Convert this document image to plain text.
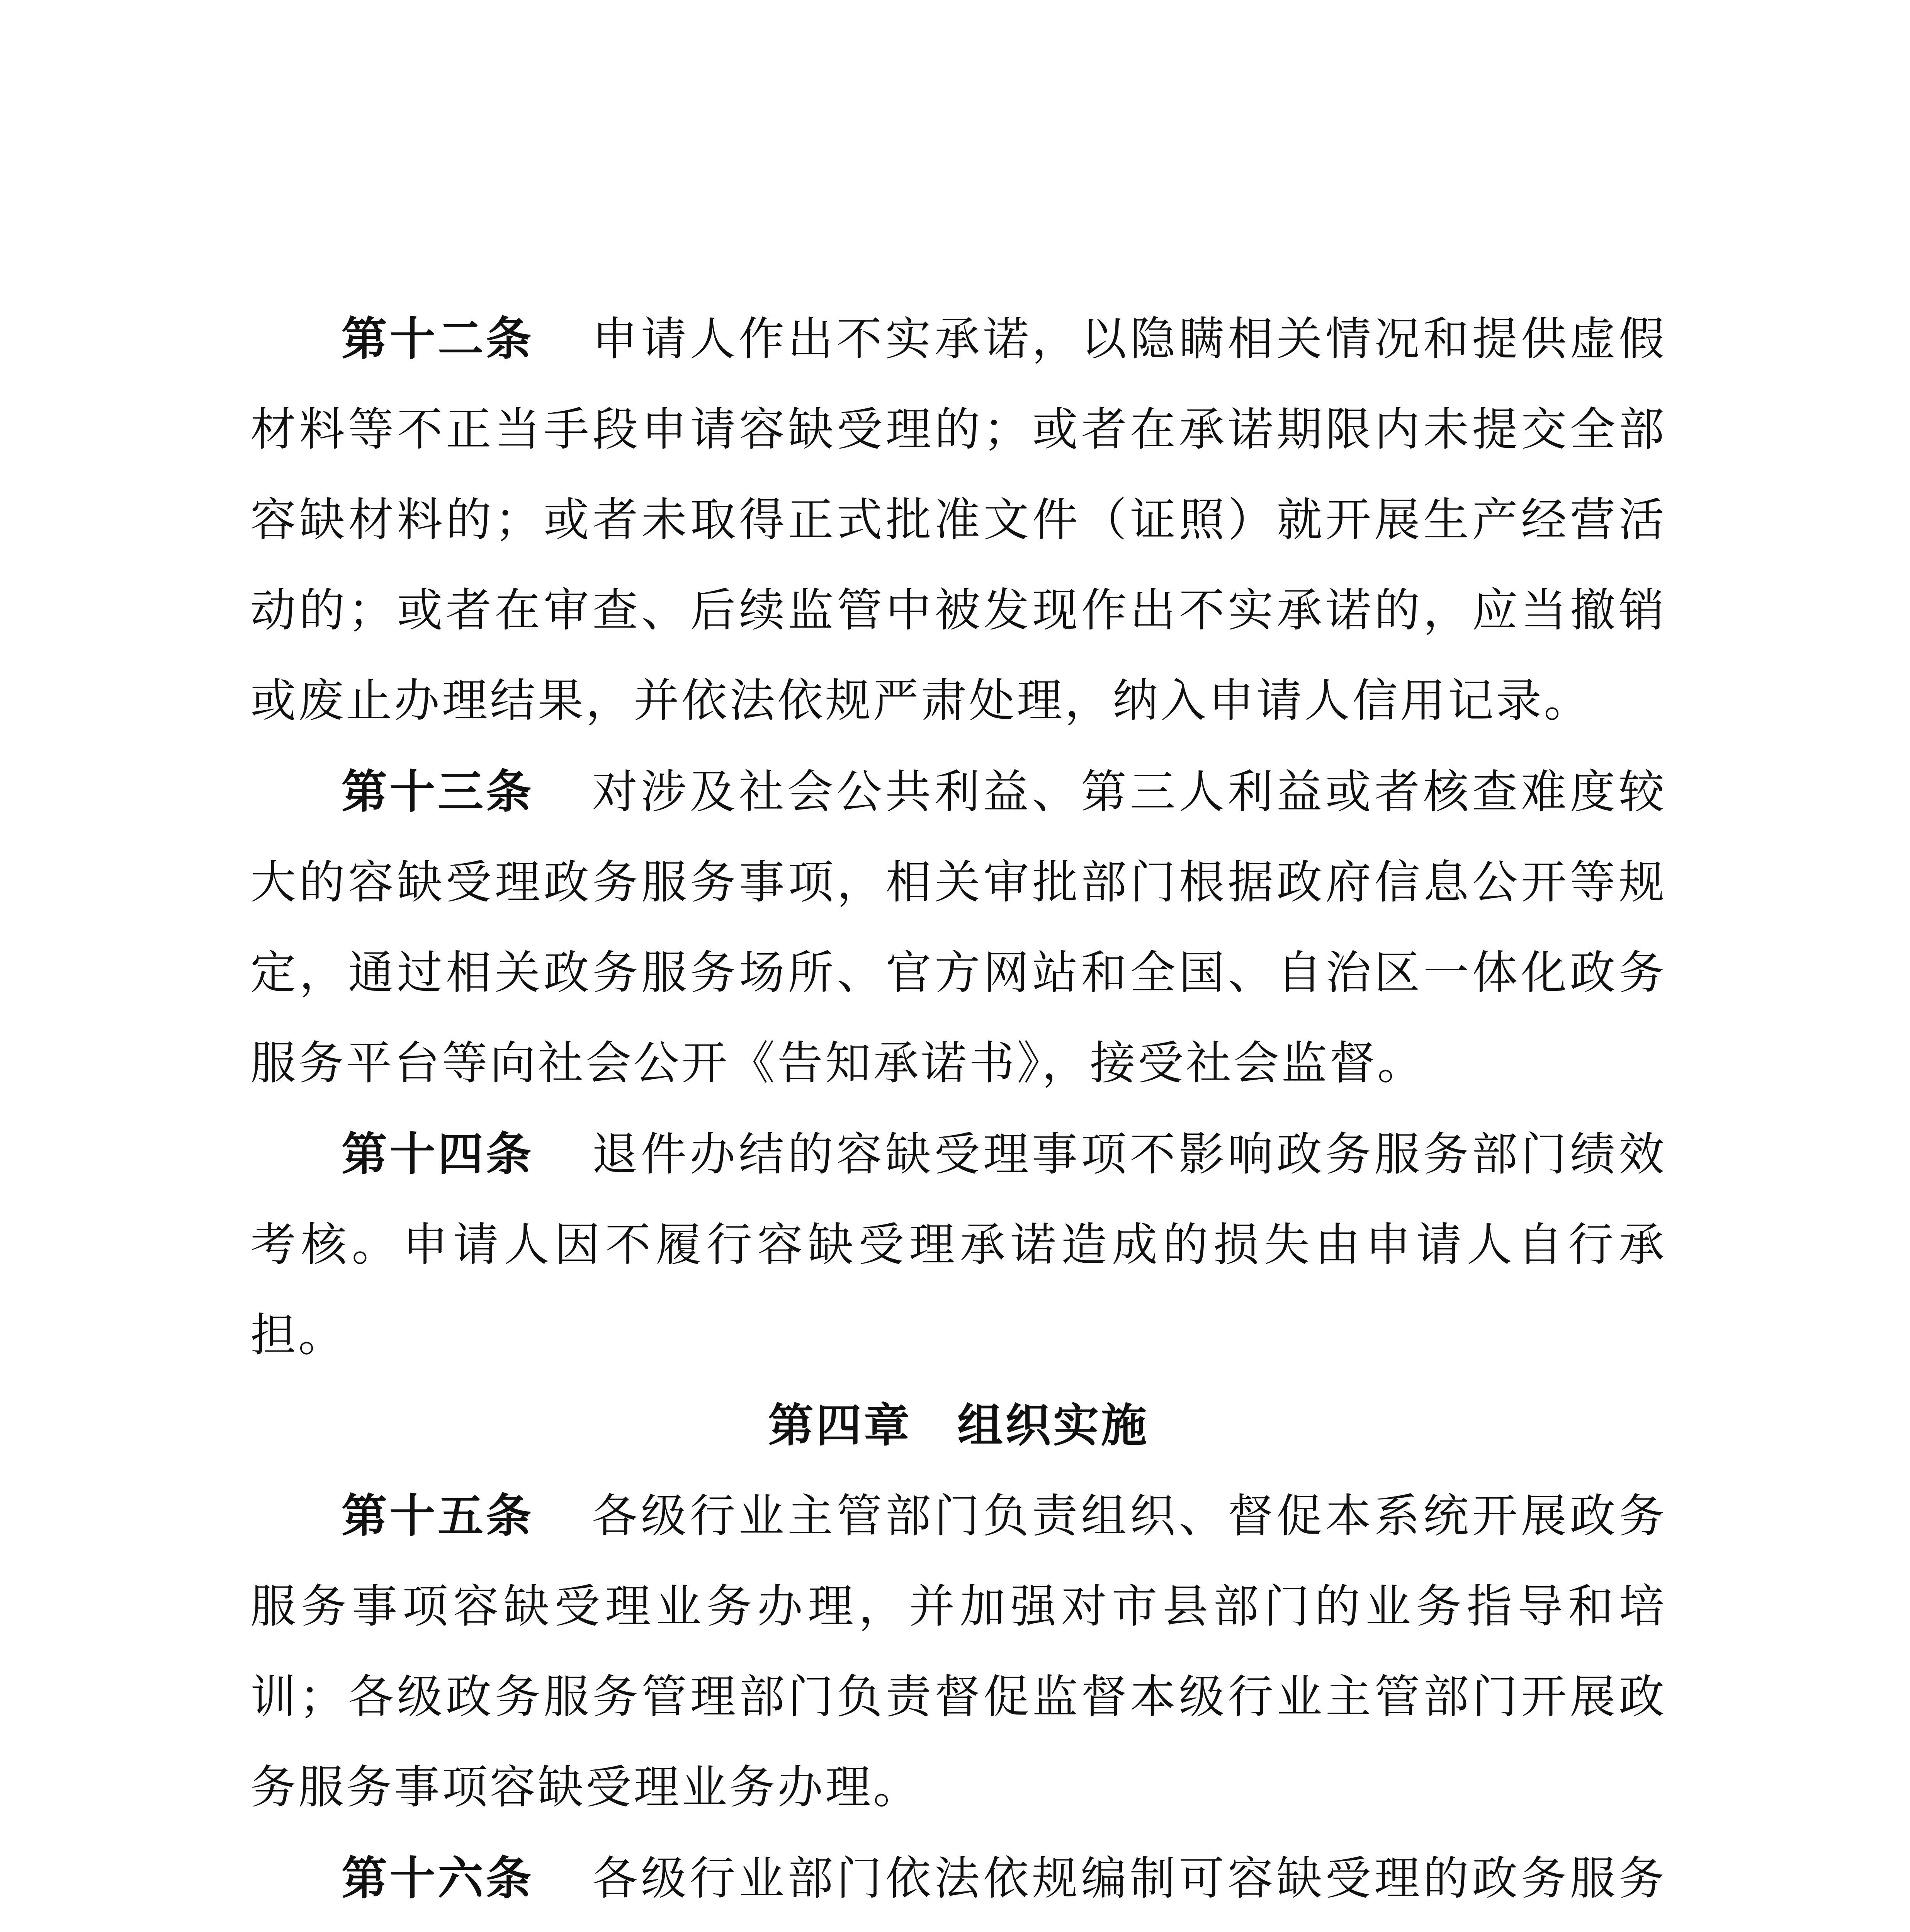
第十二条 申请人作出不实承诺，以隐瞒相关情况和提供虚假材料等不正当手段申请容缺受理的；或者在承诺期限内未提交全部容缺材料的；或者未取得正式批准文件（证照）就开展生产经营活动的；或者在审查、后续监管中被发现作出不实承诺的，应当撤销或废止办理结果，并依法依规严肃处理，纳入申请人信用记录。

第十三条 对涉及社会公共利益、第三人利益或者核查难度较大的容缺受理政务服务事项，相关审批部门根据政府信息公开等规定，通过相关政务服务场所、官方网站和全国、自治区一体化政务服务平台等向社会公开《告知承诺书》，接受社会监督。

第十四条 退件办结的容缺受理事项不影响政务服务部门绩效考核。申请人因不履行容缺受理承诺造成的损失由申请人自行承担。

第四章 组织实施

第十五条 各级行业主管部门负责组织、督促本系统开展政务服务事项容缺受理业务办理，并加强对市县部门的业务指导和培训；各级政务服务管理部门负责督促监督本级行业主管部门开展政务服务事项容缺受理业务办理。

第十六条 各级行业部门依法依规编制可容缺受理的政务服务
